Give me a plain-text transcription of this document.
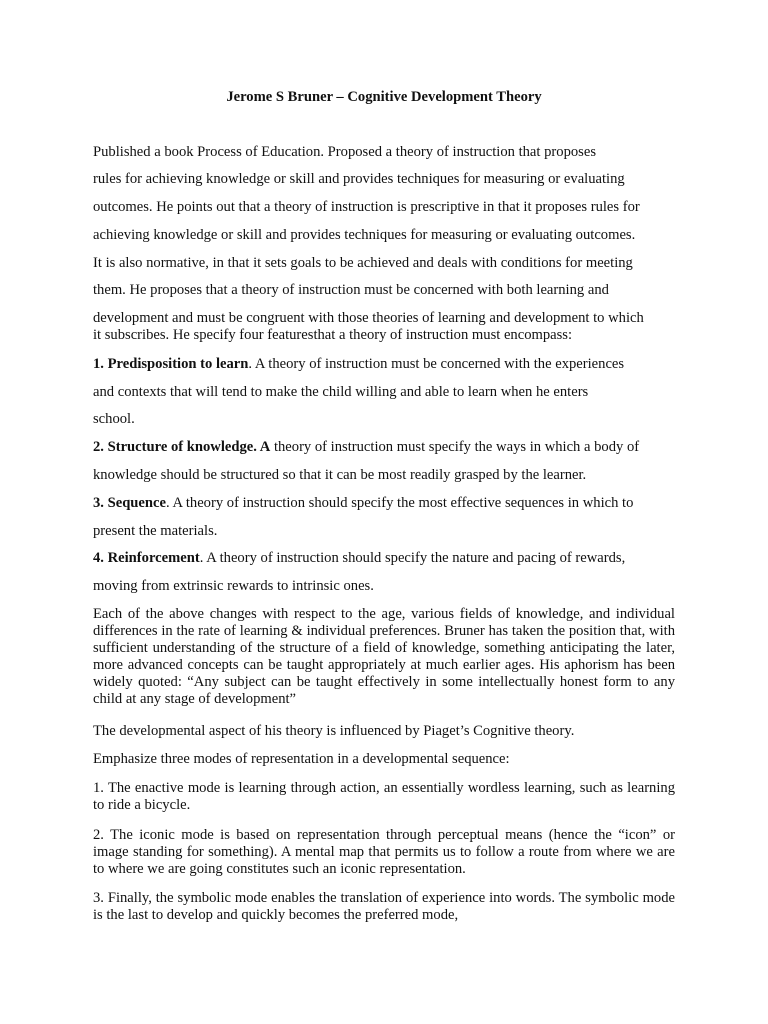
Jerome S Bruner – Cognitive Development Theory
Published a book Process of Education. Proposed a theory of instruction that proposes
rules for achieving knowledge or skill and provides techniques for measuring or evaluating
outcomes. He points out that a theory of instruction is prescriptive in that it proposes rules for
achieving knowledge or skill and provides techniques for measuring or evaluating outcomes.
It is also normative, in that it sets goals to be achieved and deals with conditions for meeting
them. He proposes that a theory of instruction must be concerned with both learning and
development and must be congruent with those theories of learning and development to which
it subscribes. He specify four featuresthat a theory of instruction must encompass:
1. Predisposition to learn. A theory of instruction must be concerned with the experiences
and contexts that will tend to make the child willing and able to learn when he enters
school.
2. Structure of knowledge. A theory of instruction must specify the ways in which a body of
knowledge should be structured so that it can be most readily grasped by the learner.
3. Sequence. A theory of instruction should specify the most effective sequences in which to
present the materials.
4. Reinforcement. A theory of instruction should specify the nature and pacing of rewards,
moving from extrinsic rewards to intrinsic ones.
Each of the above changes with respect to the age, various fields of knowledge, and individual differences in the rate of learning & individual preferences. Bruner has taken the position that, with sufficient understanding of the structure of a field of knowledge, something anticipating the later, more advanced concepts can be taught appropriately at much earlier ages. His aphorism has been widely quoted: “Any subject can be taught effectively in some intellectually honest form to any child at any stage of development”
The developmental aspect of his theory is influenced by Piaget’s Cognitive theory.
Emphasize three modes of representation in a developmental sequence:
1. The enactive mode is learning through action, an essentially wordless learning, such as learning to ride a bicycle.
2. The iconic mode is based on representation through perceptual means (hence the “icon” or image standing for something). A mental map that permits us to follow a route from where we are to where we are going constitutes such an iconic representation.
3. Finally, the symbolic mode enables the translation of experience into words. The symbolic mode is the last to develop and quickly becomes the preferred mode,
